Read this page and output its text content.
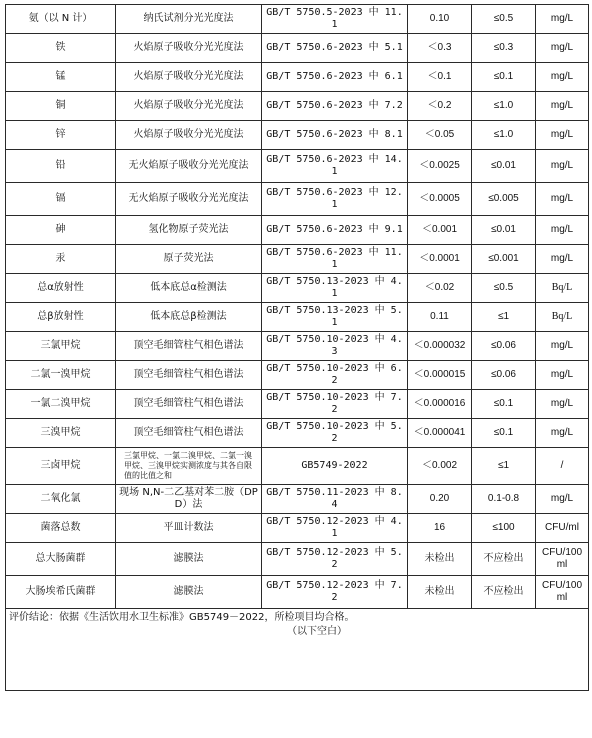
氨（以 N 计）	纳氏试剂分光光度法	GB/T 5750.5-2023 中 11.1	0.10	≤0.5	mg/L
铁	火焰原子吸收分光光度法	GB/T 5750.6-2023 中 5.1	＜0.3	≤0.3	mg/L
锰	火焰原子吸收分光光度法	GB/T 5750.6-2023 中 6.1	＜0.1	≤0.1	mg/L
铜	火焰原子吸收分光光度法	GB/T 5750.6-2023 中 7.2	＜0.2	≤1.0	mg/L
锌	火焰原子吸收分光光度法	GB/T 5750.6-2023 中 8.1	＜0.05	≤1.0	mg/L
铅	无火焰原子吸收分光光度法	GB/T 5750.6-2023 中 14.1	＜0.0025	≤0.01	mg/L
镉	无火焰原子吸收分光光度法	GB/T 5750.6-2023 中 12.1	＜0.0005	≤0.005	mg/L
砷	氢化物原子荧光法	GB/T 5750.6-2023 中 9.1	＜0.001	≤0.01	mg/L
汞	原子荧光法	GB/T 5750.6-2023 中 11.1	＜0.0001	≤0.001	mg/L
总α放射性	低本底总α检测法	GB/T 5750.13-2023 中 4.1	＜0.02	≤0.5	Bq/L
总β放射性	低本底总β检测法	GB/T 5750.13-2023 中 5.1	0.11	≤1	Bq/L
三氯甲烷	顶空毛细管柱气相色谱法	GB/T 5750.10-2023 中 4.3	＜0.000032	≤0.06	mg/L
二氯一溴甲烷	顶空毛细管柱气相色谱法	GB/T 5750.10-2023 中 6.2	＜0.000015	≤0.06	mg/L
一氯二溴甲烷	顶空毛细管柱气相色谱法	GB/T 5750.10-2023 中 7.2	＜0.000016	≤0.1	mg/L
三溴甲烷	顶空毛细管柱气相色谱法	GB/T 5750.10-2023 中 5.2	＜0.000041	≤0.1	mg/L
三卤甲烷	三氯甲烷、一氯二溴甲烷、二氯一溴甲烷、三溴甲烷实测浓度与其各自限值的比值之和	GB5749-2022	＜0.002	≤1	/
二氧化氯	现场 N,N-二乙基对苯二胺（DPD）法	GB/T 5750.11-2023 中 8.4	0.20	0.1-0.8	mg/L
菌落总数	平皿计数法	GB/T 5750.12-2023 中 4.1	16	≤100	CFU/ml
总大肠菌群	滤膜法	GB/T 5750.12-2023 中 5.2	未检出	不应检出	CFU/100 ml
大肠埃希氏菌群	滤膜法	GB/T 5750.12-2023 中 7.2	未检出	不应检出	CFU/100 ml

评价结论：依据《生活饮用水卫生标准》GB5749－2022，所检项目均合格。
（以下空白）					
